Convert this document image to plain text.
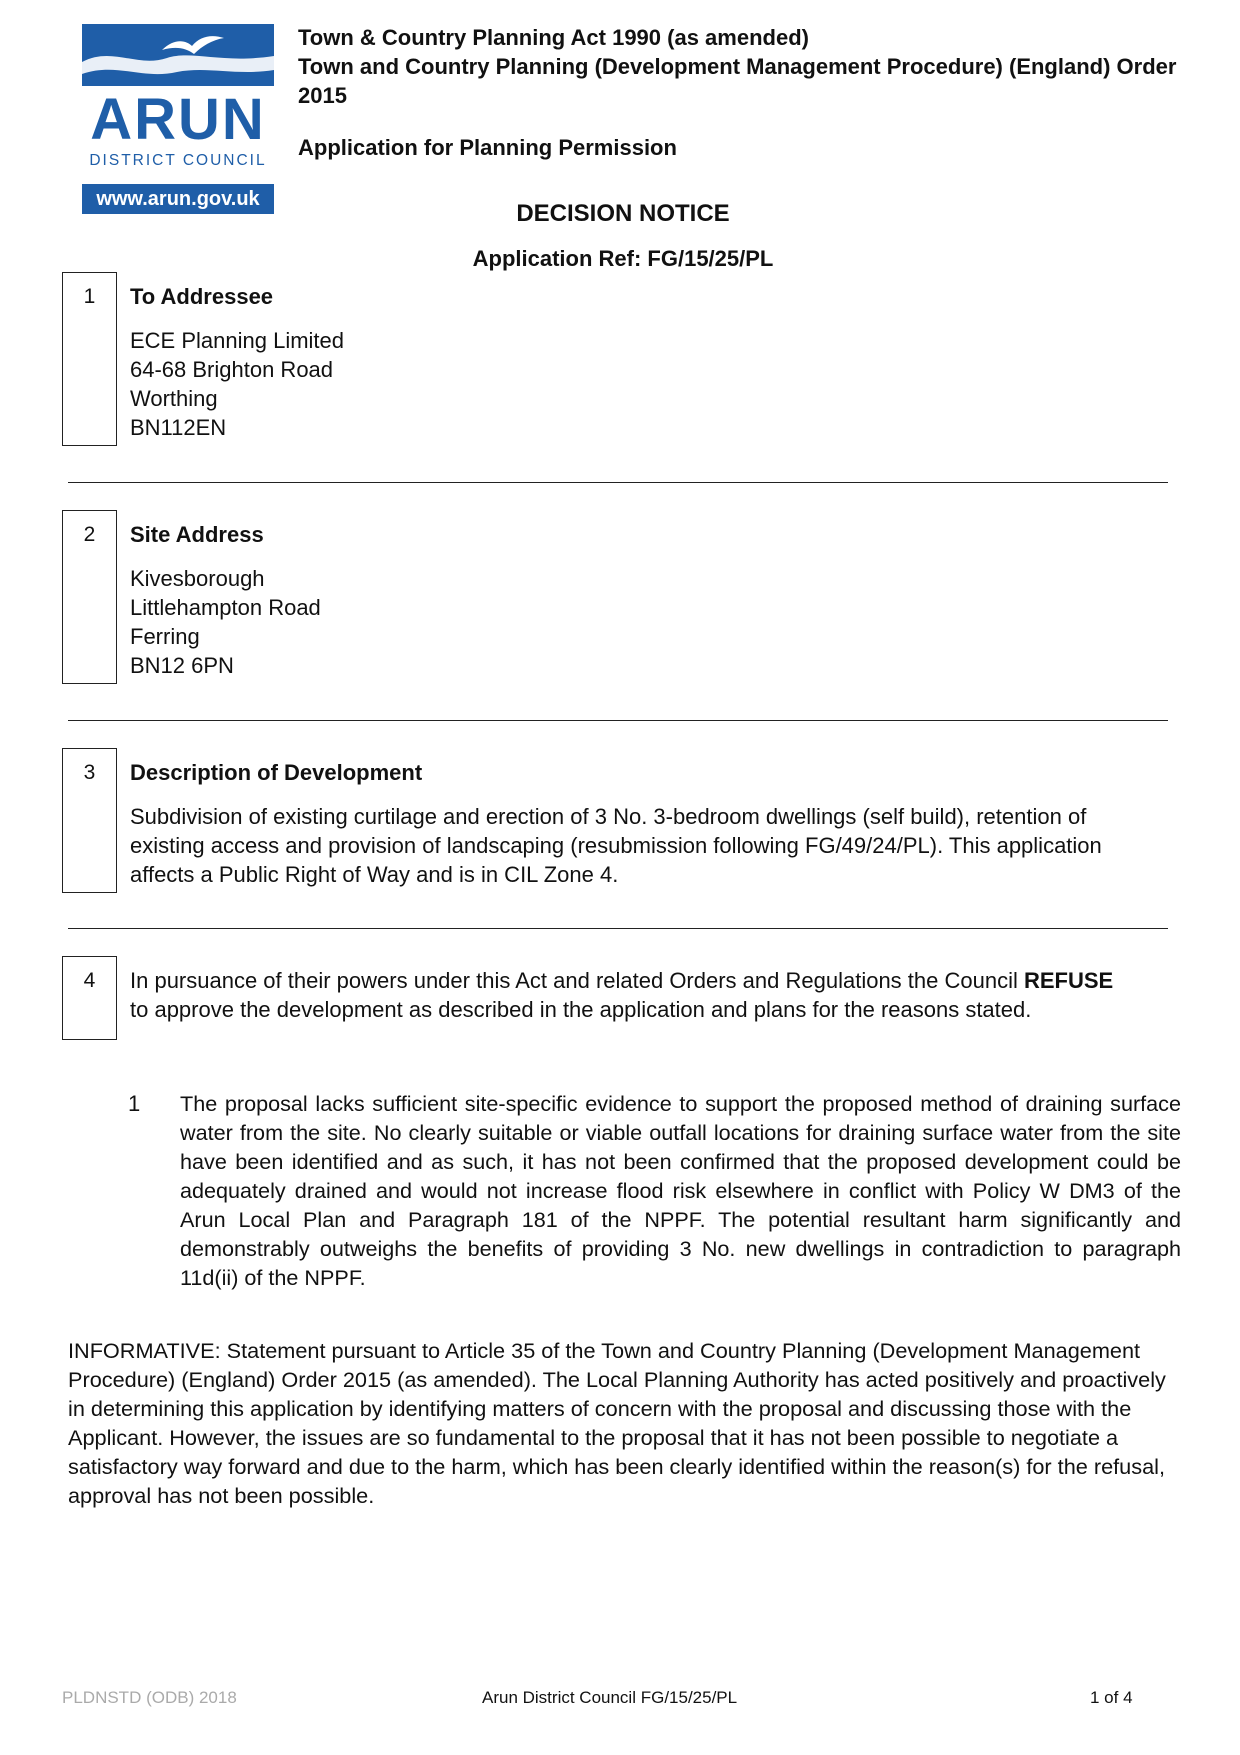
ARUN
DISTRICT COUNCIL
www.arun.gov.uk
Town & Country Planning Act 1990 (as amended)
Town and Country Planning (Development Management Procedure) (England) Order
2015
Application for Planning Permission
DECISION NOTICE
Application Ref: FG/15/25/PL
1	To Addressee
ECE Planning Limited
64-68 Brighton Road
Worthing
BN112EN
2	Site Address
Kivesborough
Littlehampton Road
Ferring
BN12 6PN
3	Description of Development
Subdivision of existing curtilage and erection of 3 No. 3-bedroom dwellings (self build), retention of
existing access and provision of landscaping (resubmission following FG/49/24/PL). This application
affects a Public Right of Way and is in CIL Zone 4.
4	In pursuance of their powers under this Act and related Orders and Regulations the Council REFUSE
to approve the development as described in the application and plans for the reasons stated.
1 The proposal lacks sufficient site-specific evidence to support the proposed method of draining surface water from the site. No clearly suitable or viable outfall locations for draining surface water from the site have been identified and as such, it has not been confirmed that the proposed development could be adequately drained and would not increase flood risk elsewhere in conflict with Policy W DM3 of the Arun Local Plan and Paragraph 181 of the NPPF. The potential resultant harm significantly and demonstrably outweighs the benefits of providing 3 No. new dwellings in contradiction to paragraph 11d(ii) of the NPPF.
INFORMATIVE: Statement pursuant to Article 35 of the Town and Country Planning (Development Management Procedure) (England) Order 2015 (as amended). The Local Planning Authority has acted positively and proactively in determining this application by identifying matters of concern with the proposal and discussing those with the Applicant. However, the issues are so fundamental to the proposal that it has not been possible to negotiate a satisfactory way forward and due to the harm, which has been clearly identified within the reason(s) for the refusal, approval has not been possible.
PLDNSTD (ODB) 2018	Arun District Council FG/15/25/PL	1 of 4
